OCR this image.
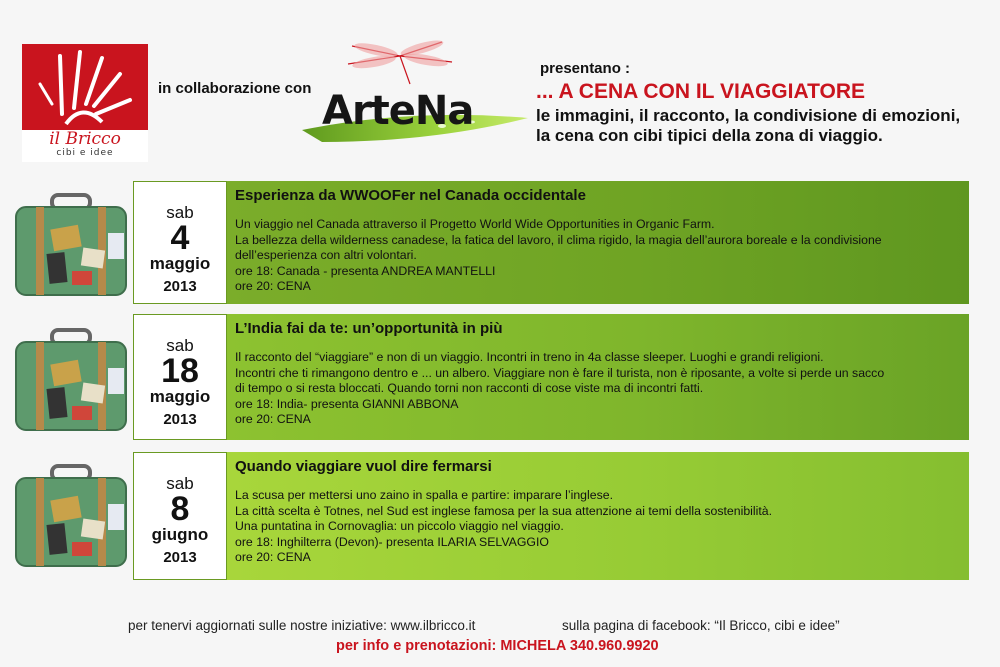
il Bricco
cibi e idee
in collaborazione con ArteNa
presentano :
... A CENA CON IL VIAGGIATORE
le immagini, il racconto, la condivisione di emozioni,
la cena con cibi tipici della zona di viaggio.
sab
4
maggio
2013
Esperienza da WWOOFer nel Canada occidentale
Un viaggio nel Canada attraverso il Progetto World Wide Opportunities in Organic Farm.
La bellezza della wilderness canadese, la fatica del lavoro, il clima rigido, la magia dell’aurora boreale e la condivisione
dell’esperienza con altri volontari.
ore 18: Canada - presenta ANDREA MANTELLI
ore 20: CENA
sab
18
maggio
2013
L’India fai da te: un’opportunità in più
Il racconto del “viaggiare” e non di un viaggio. Incontri in treno in 4a classe sleeper. Luoghi e grandi religioni.
Incontri che ti rimangono dentro e ... un albero. Viaggiare non è fare il turista, non è riposante, a volte si perde un sacco
di tempo o si resta bloccati. Quando torni non racconti di cose viste ma di incontri fatti.
ore 18: India- presenta GIANNI ABBONA
ore 20: CENA
sab
8
giugno
2013
Quando viaggiare vuol dire fermarsi
La scusa per mettersi uno zaino in spalla e partire: imparare l’inglese.
La città scelta è Totnes, nel Sud est inglese famosa per la sua attenzione ai temi della sostenibilità.
Una puntatina in Cornovaglia: un piccolo viaggio nel viaggio.
ore 18: Inghilterra (Devon)- presenta ILARIA SELVAGGIO
ore 20: CENA
per tenervi aggiornati sulle nostre iniziative: www.ilbricco.it	sulla pagina di facebook: “Il Bricco, cibi e idee”
per info e prenotazioni: MICHELA 340.960.9920
